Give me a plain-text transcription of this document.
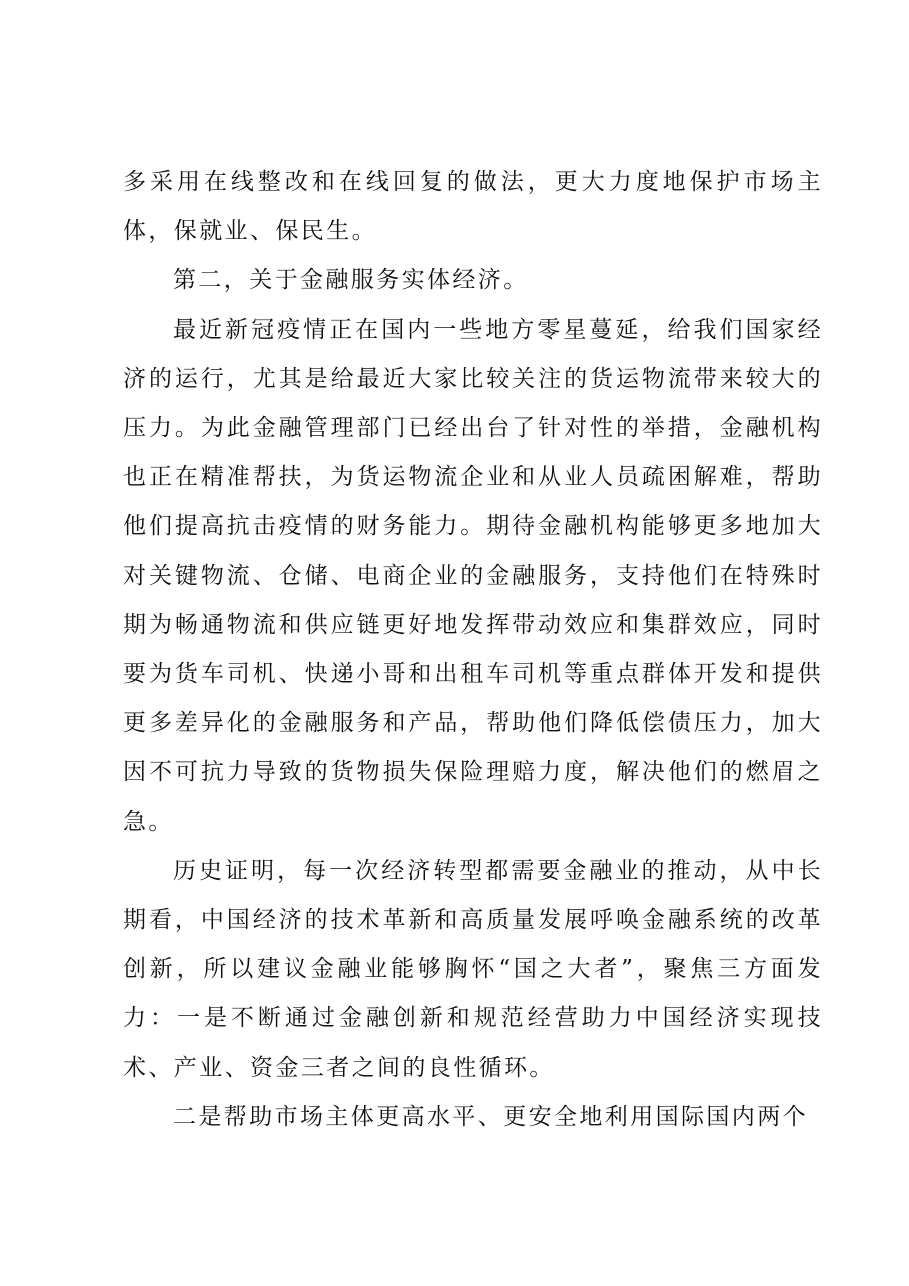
多采用在线整改和在线回复的做法，更大力度地保护市场主体，保就业、保民生。

第二，关于金融服务实体经济。

最近新冠疫情正在国内一些地方零星蔓延，给我们国家经济的运行，尤其是给最近大家比较关注的货运物流带来较大的压力。为此金融管理部门已经出台了针对性的举措，金融机构也正在精准帮扶，为货运物流企业和从业人员疏困解难，帮助他们提高抗击疫情的财务能力。期待金融机构能够更多地加大对关键物流、仓储、电商企业的金融服务，支持他们在特殊时期为畅通物流和供应链更好地发挥带动效应和集群效应，同时要为货车司机、快递小哥和出租车司机等重点群体开发和提供更多差异化的金融服务和产品，帮助他们降低偿债压力，加大因不可抗力导致的货物损失保险理赔力度，解决他们的燃眉之急。

历史证明，每一次经济转型都需要金融业的推动，从中长期看，中国经济的技术革新和高质量发展呼唤金融系统的改革创新，所以建议金融业能够胸怀“国之大者”，聚焦三方面发力：一是不断通过金融创新和规范经营助力中国经济实现技术、产业、资金三者之间的良性循环。

二是帮助市场主体更高水平、更安全地利用国际国内两个
